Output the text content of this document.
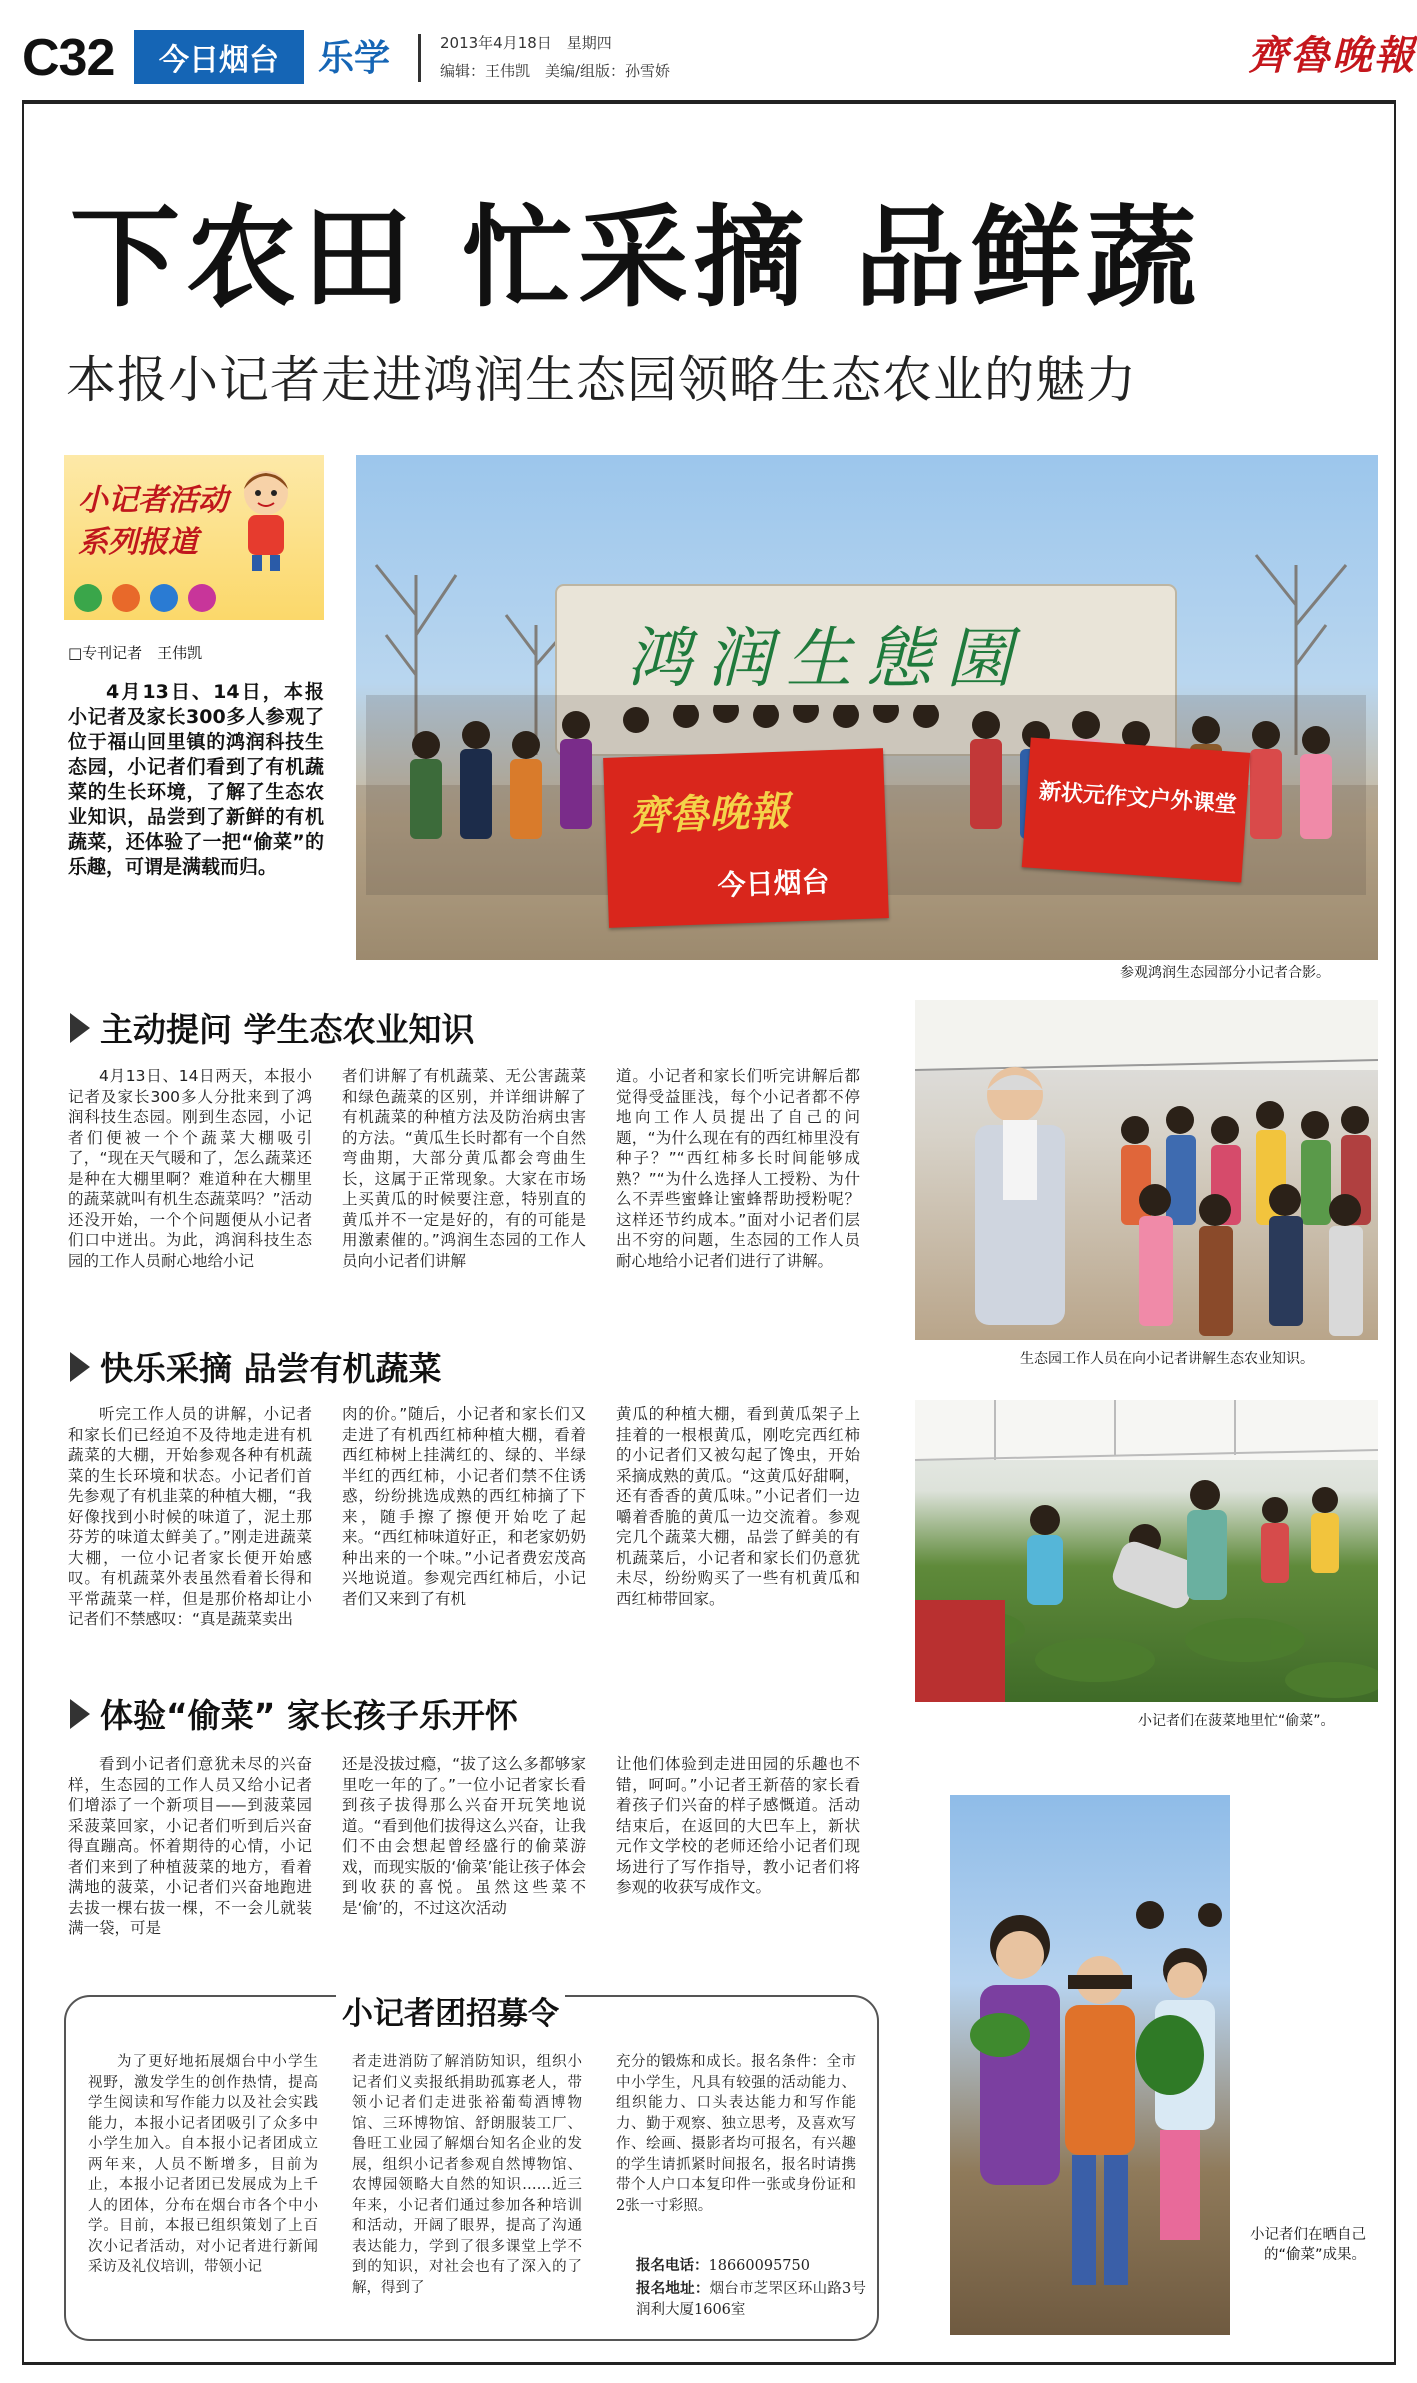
C32	今日烟台	乐学	2013年4月18日　星期四
编辑：王伟凯　美编/组版：孙雪娇	齊魯晚報
下农田 忙采摘 品鲜蔬
本报小记者走进鸿润生态园领略生态农业的魅力
小记者活动
系列报道
□专刊记者　王伟凯
4月13日、14日，本报小记者及家长300多人参观了位于福山回里镇的鸿润科技生态园，小记者们看到了有机蔬菜的生长环境，了解了生态农业知识，品尝到了新鲜的有机蔬菜，还体验了一把“偷菜”的乐趣，可谓是满载而归。
鸿润生態園
齊魯晚報
今日烟台
新状元作文户外课堂
参观鸿润生态园部分小记者合影。
生态园工作人员在向小记者讲解生态农业知识。
小记者们在菠菜地里忙“偷菜”。
小记者们在晒自己的“偷菜”成果。
主动提问 学生态农业知识
4月13日、14日两天，本报小记者及家长300多人分批来到了鸿润科技生态园。刚到生态园，小记者们便被一个个蔬菜大棚吸引了，“现在天气暖和了，怎么蔬菜还是种在大棚里啊？难道种在大棚里的蔬菜就叫有机生态蔬菜吗？”活动还没开始，一个个问题便从小记者们口中迸出。为此，鸿润科技生态园的工作人员耐心地给小记
者们讲解了有机蔬菜、无公害蔬菜和绿色蔬菜的区别，并详细讲解了有机蔬菜的种植方法及防治病虫害的方法。“黄瓜生长时都有一个自然弯曲期，大部分黄瓜都会弯曲生长，这属于正常现象。大家在市场上买黄瓜的时候要注意，特别直的黄瓜并不一定是好的，有的可能是用激素催的。”鸿润生态园的工作人员向小记者们讲解
道。小记者和家长们听完讲解后都觉得受益匪浅，每个小记者都不停地向工作人员提出了自己的问题，“为什么现在有的西红柿里没有种子？”“西红柿多长时间能够成熟？”“为什么选择人工授粉、为什么不弄些蜜蜂让蜜蜂帮助授粉呢？这样还节约成本。”面对小记者们层出不穷的问题，生态园的工作人员耐心地给小记者们进行了讲解。
快乐采摘 品尝有机蔬菜
听完工作人员的讲解，小记者和家长们已经迫不及待地走进有机蔬菜的大棚，开始参观各种有机蔬菜的生长环境和状态。小记者们首先参观了有机韭菜的种植大棚，“我好像找到小时候的味道了，泥土那芬芳的味道太鲜美了。”刚走进蔬菜大棚，一位小记者家长便开始感叹。有机蔬菜外表虽然看着长得和平常蔬菜一样，但是那价格却让小记者们不禁感叹：“真是蔬菜卖出
肉的价。”随后，小记者和家长们又走进了有机西红柿种植大棚，看着西红柿树上挂满红的、绿的、半绿半红的西红柿，小记者们禁不住诱惑，纷纷挑选成熟的西红柿摘了下来，随手擦了擦便开始吃了起来。“西红柿味道好正，和老家奶奶种出来的一个味。”小记者费宏茂高兴地说道。参观完西红柿后，小记者们又来到了有机
黄瓜的种植大棚，看到黄瓜架子上挂着的一根根黄瓜，刚吃完西红柿的小记者们又被勾起了馋虫，开始采摘成熟的黄瓜。“这黄瓜好甜啊，还有香香的黄瓜味。”小记者们一边嚼着香脆的黄瓜一边交流着。参观完几个蔬菜大棚，品尝了鲜美的有机蔬菜后，小记者和家长们仍意犹未尽，纷纷购买了一些有机黄瓜和西红柿带回家。
体验“偷菜” 家长孩子乐开怀
看到小记者们意犹未尽的兴奋样，生态园的工作人员又给小记者们增添了一个新项目——到菠菜园采菠菜回家，小记者们听到后兴奋得直蹦高。怀着期待的心情，小记者们来到了种植菠菜的地方，看着满地的菠菜，小记者们兴奋地跑进去拔一棵右拔一棵，不一会儿就装满一袋，可是
还是没拔过瘾，“拔了这么多都够家里吃一年的了。”一位小记者家长看到孩子拔得那么兴奋开玩笑地说道。“看到他们拔得这么兴奋，让我们不由会想起曾经盛行的偷菜游戏，而现实版的‘偷菜’能让孩子体会到收获的喜悦。虽然这些菜不是‘偷’的，不过这次活动
让他们体验到走进田园的乐趣也不错，呵呵。”小记者王新蓓的家长看着孩子们兴奋的样子感慨道。活动结束后，在返回的大巴车上，新状元作文学校的老师还给小记者们现场进行了写作指导，教小记者们将参观的收获写成作文。
小记者团招募令
为了更好地拓展烟台中小学生视野，激发学生的创作热情，提高学生阅读和写作能力以及社会实践能力，本报小记者团吸引了众多中小学生加入。自本报小记者团成立两年来，人员不断增多，目前为止，本报小记者团已发展成为上千人的团体，分布在烟台市各个中小学。目前，本报已组织策划了上百次小记者活动，对小记者进行新闻采访及礼仪培训，带领小记
者走进消防了解消防知识，组织小记者们义卖报纸捐助孤寡老人，带领小记者们走进张裕葡萄酒博物馆、三环博物馆、舒朗服装工厂、鲁旺工业园了解烟台知名企业的发展，组织小记者参观自然博物馆、农博园领略大自然的知识……近三年来，小记者们通过参加各种培训和活动，开阔了眼界，提高了沟通表达能力，学到了很多课堂上学不到的知识，对社会也有了深入的了解，得到了
充分的锻炼和成长。报名条件：全市中小学生，凡具有较强的活动能力、组织能力、口头表达能力和写作能力、勤于观察、独立思考，及喜欢写作、绘画、摄影者均可报名，有兴趣的学生请抓紧时间报名，报名时请携带个人户口本复印件一张或身份证和2张一寸彩照。
报名电话：18660095750
报名地址：烟台市芝罘区环山路3号润利大厦1606室
